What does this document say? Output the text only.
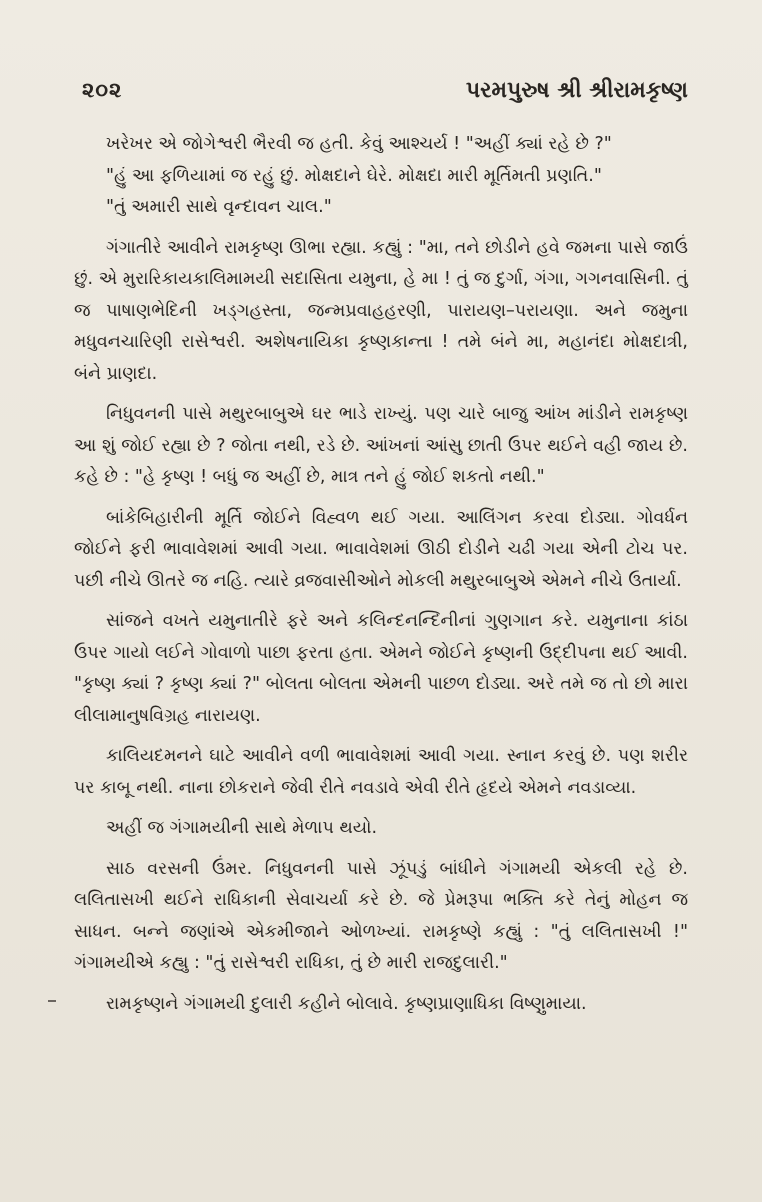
૨૦૨	પરમપુરુષ શ્રી શ્રીરામકૃષ્ણ

ખરેખર એ જોગેશ્વરી ભૈરવી જ હતી. કેવું આશ્ચર્ય ! "અહીં ક્યાં રહે છે ?"
"હું આ ફળિયામાં જ રહું છું. મોક્ષદાને ઘેરે. મોક્ષદા મારી મૂર્તિમતી પ્રણતિ."
"તું અમારી સાથે વૃન્દાવન ચાલ."

ગંગાતીરે આવીને રામકૃષ્ણ ઊભા રહ્યા. કહ્યું : "મા, તને છોડીને હવે જમના પાસે જાઉં છું. એ મુરારિકાયકાલિમામયી સદાસિતા યમુના, હે મા ! તું જ દુર્ગા, ગંગા, ગગનવાસિની. તું જ પાષાણભેદિની ખડ્ગહસ્તા, જન્મપ્રવાહહરણી, પારાયણ–પરાયણા. અને જમુના મધુવનચારિણી રાસેશ્વરી. અશેષનાયિકા કૃષ્ણકાન્તા ! તમે બંને મા, મહાનંદા મોક્ષદાત્રી, બંને પ્રાણદા.

નિધુવનની પાસે મથુરબાબુએ ઘર ભાડે રાખ્યું. પણ ચારે બાજુ આંખ માંડીને રામકૃષ્ણ આ શું જોઈ રહ્યા છે ? જોતા નથી, રડે છે. આંખનાં આંસુ છાતી ઉપર થઈને વહી જાય છે. કહે છે : "હે કૃષ્ણ ! બધું જ અહીં છે, માત્ર તને હું જોઈ શકતો નથી."

બાંકેબિહારીની મૂર્તિ જોઈને વિહ્વળ થઈ ગયા. આલિંગન કરવા દોડ્યા. ગોવર્ધન જોઈને ફરી ભાવાવેશમાં આવી ગયા. ભાવાવેશમાં ઊઠી દોડીને ચઢી ગયા એની ટોચ પર. પછી નીચે ઊતરે જ નહિ. ત્યારે વ્રજવાસીઓને મોકલી મથુરબાબુએ એમને નીચે ઉતાર્યા.

સાંજને વખતે યમુનાતીરે ફરે અને કલિન્દનન્દિનીનાં ગુણગાન કરે. યમુનાના કાંઠા ઉપર ગાયો લઈને ગોવાળો પાછા ફરતા હતા. એમને જોઈને કૃષ્ણની ઉદ્દીપના થઈ આવી. "કૃષ્ણ ક્યાં ? કૃષ્ણ ક્યાં ?" બોલતા બોલતા એમની પાછળ દોડ્યા. અરે તમે જ તો છો મારા લીલામાનુષવિગ્રહ નારાયણ.

કાલિયદમનને ઘાટે આવીને વળી ભાવાવેશમાં આવી ગયા. સ્નાન કરવું છે. પણ શરીર પર કાબૂ નથી. નાના છોકરાને જેવી રીતે નવડાવે એવી રીતે હૃદયે એમને નવડાવ્યા.

અહીં જ ગંગામયીની સાથે મેળાપ થયો.

સાઠ વરસની ઉંમર. નિધુવનની પાસે ઝૂંપડું બાંધીને ગંગામયી એકલી રહે છે. લલિતાસખી થઈને રાધિકાની સેવાચર્યા કરે છે. જે પ્રેમરૂપા ભક્તિ કરે તેનું મોહન જ સાધન. બન્ને જણાંએ એકમીજાને ઓળખ્યાં. રામકૃષ્ણે કહ્યું : "તું લલિતાસખી !" ગંગામયીએ કહ્યુ : "તું રાસેશ્વરી રાધિકા, તું છે મારી રાજદુલારી."

રામકૃષ્ણને ગંગામયી દુલારી કહીને બોલાવે. કૃષ્ણપ્રાણાધિકા વિષ્ણુમાયા.
